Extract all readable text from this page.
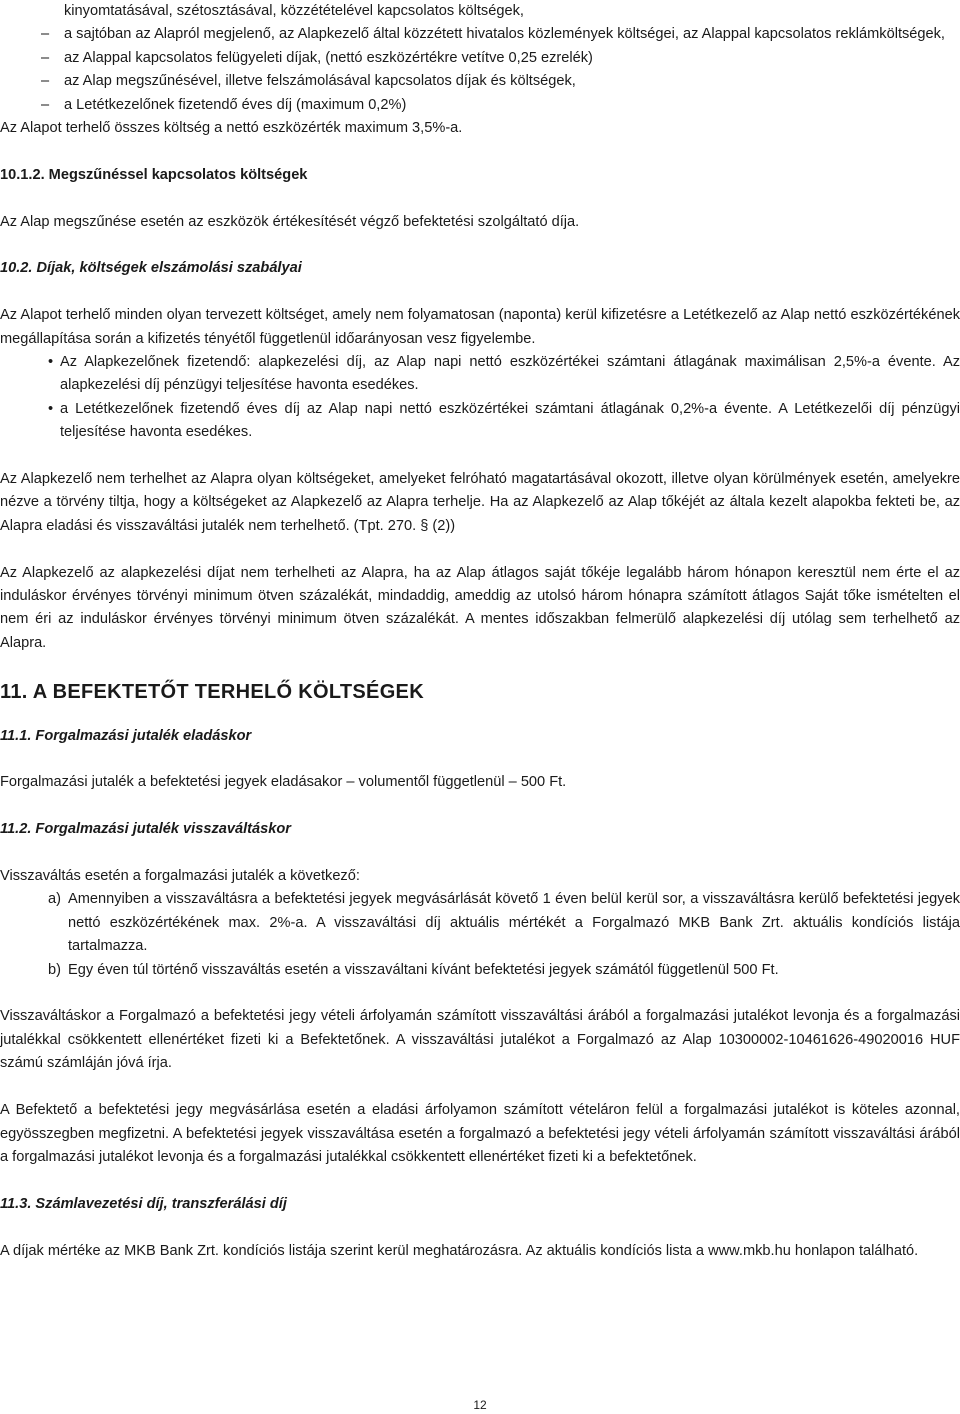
kinyomtatásával, szétosztásával, közzétételével kapcsolatos költségek,

– a sajtóban az Alapról megjelenő, az Alapkezelő által közzétett hivatalos közlemények költségei, az Alappal kapcsolatos reklámköltségek,
– az Alappal kapcsolatos felügyeleti díjak, (nettó eszközértékre vetítve 0,25 ezrelék)
– az Alap megszűnésével, illetve felszámolásával kapcsolatos díjak és költségek,
– a Letétkezelőnek fizetendő éves díj (maximum 0,2%)

Az Alapot terhelő összes költség a nettó eszközérték maximum 3,5%-a.

10.1.2. Megszűnéssel kapcsolatos költségek

Az Alap megszűnése esetén az eszközök értékesítését végző befektetési szolgáltató díja.

10.2. Díjak, költségek elszámolási szabályai

Az Alapot terhelő minden olyan tervezett költséget, amely nem folyamatosan (naponta) kerül kifizetésre a Letétkezelő az Alap nettó eszközértékének megállapítása során a kifizetés tényétől függetlenül időarányosan vesz figyelembe.

• Az Alapkezelőnek fizetendő: alapkezelési díj, az Alap napi nettó eszközértékei számtani átlagának maximálisan 2,5%-a évente. Az alapkezelési díj pénzügyi teljesítése havonta esedékes.
• a Letétkezelőnek fizetendő éves díj az Alap napi nettó eszközértékei számtani átlagának 0,2%-a évente. A Letétkezelői díj pénzügyi teljesítése havonta esedékes.

Az Alapkezelő nem terhelhet az Alapra olyan költségeket, amelyeket felróható magatartásával okozott, illetve olyan körülmények esetén, amelyekre nézve a törvény tiltja, hogy a költségeket az Alapkezelő az Alapra terhelje. Ha az Alapkezelő az Alap tőkéjét az általa kezelt alapokba fekteti be, az Alapra eladási és visszaváltási jutalék nem terhelhető. (Tpt. 270. § (2))

Az Alapkezelő az alapkezelési díjat nem terhelheti az Alapra, ha az Alap átlagos saját tőkéje legalább három hónapon keresztül nem érte el az induláskor érvényes törvényi minimum ötven százalékát, mindaddig, ameddig az utolsó három hónapra számított átlagos Saját tőke ismételten el nem éri az induláskor érvényes törvényi minimum ötven százalékát. A mentes időszakban felmerülő alapkezelési díj utólag sem terhelhető az Alapra.

11. A BEFEKTETŐT TERHELŐ KÖLTSÉGEK
11.1. Forgalmazási jutalék eladáskor

Forgalmazási jutalék a befektetési jegyek eladásakor – volumentől függetlenül – 500 Ft.

11.2. Forgalmazási jutalék visszaváltáskor

Visszaváltás esetén a forgalmazási jutalék a következő:

a) Amennyiben a visszaváltásra a befektetési jegyek megvásárlását követő 1 éven belül kerül sor, a visszaváltásra kerülő befektetési jegyek nettó eszközértékének max. 2%-a. A visszaváltási díj aktuális mértékét a Forgalmazó MKB Bank Zrt. aktuális kondíciós listája tartalmazza.
b) Egy éven túl történő visszaváltás esetén a visszaváltani kívánt befektetési jegyek számától függetlenül 500 Ft.

Visszaváltáskor a Forgalmazó a befektetési jegy vételi árfolyamán számított visszaváltási árából a forgalmazási jutalékot levonja és a forgalmazási jutalékkal csökkentett ellenértéket fizeti ki a Befektetőnek. A visszaváltási jutalékot a Forgalmazó az Alap 10300002-10461626-49020016 HUF számú számláján jóvá írja.

A Befektető a befektetési jegy megvásárlása esetén a eladási árfolyamon számított vételáron felül a forgalmazási jutalékot is köteles azonnal, egyösszegben megfizetni. A befektetési jegyek visszaváltása esetén a forgalmazó a befektetési jegy vételi árfolyamán számított visszaváltási árából a forgalmazási jutalékot levonja és a forgalmazási jutalékkal csökkentett ellenértéket fizeti ki a befektetőnek.

11.3. Számlavezetési díj, transzferálási díj

A díjak mértéke az MKB Bank Zrt. kondíciós listája szerint kerül meghatározásra. Az aktuális kondíciós lista a www.mkb.hu honlapon található.

12
